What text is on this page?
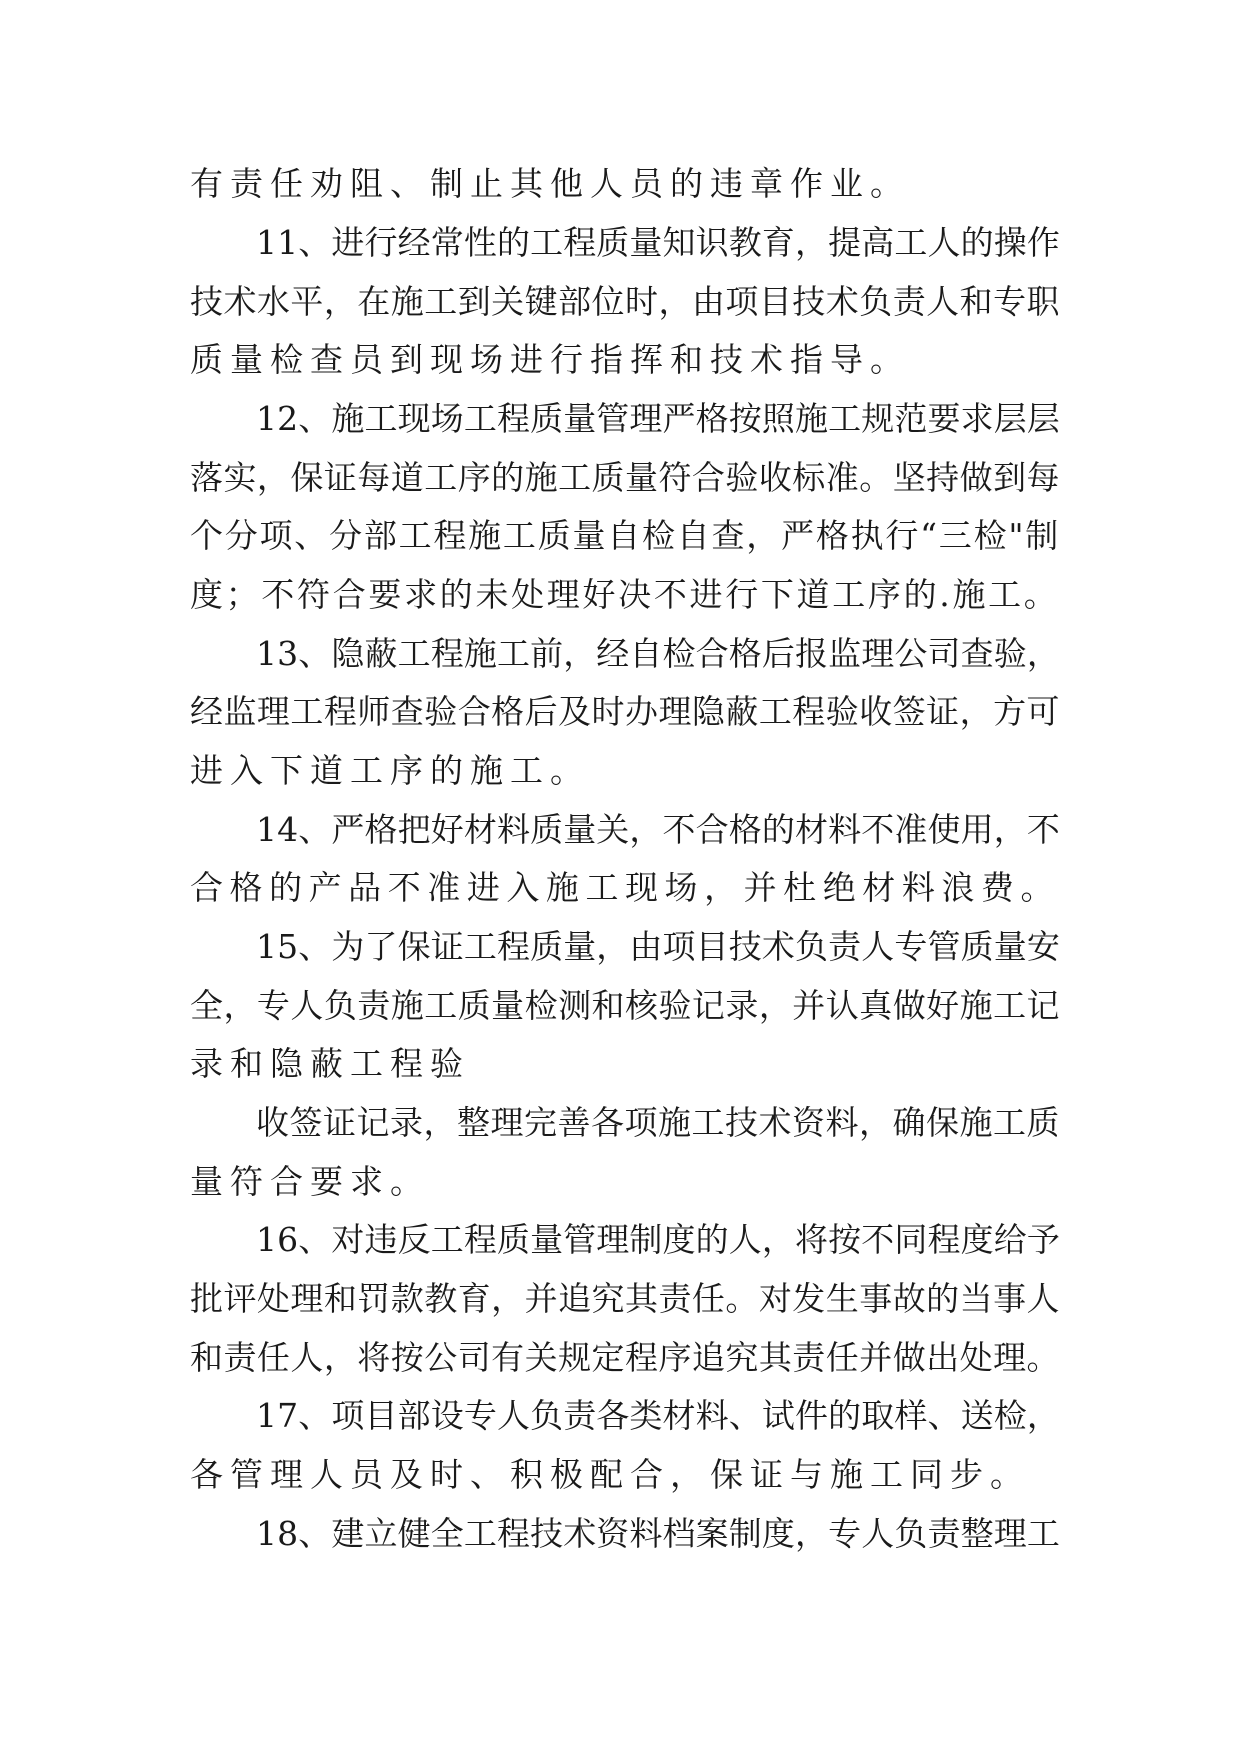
有责任劝阻、制止其他人员的违章作业。
11、进行经常性的工程质量知识教育，提高工人的操作
技术水平，在施工到关键部位时，由项目技术负责人和专职
质量检查员到现场进行指挥和技术指导。
12、施工现场工程质量管理严格按照施工规范要求层层
落实，保证每道工序的施工质量符合验收标准。坚持做到每
个分项、分部工程施工质量自检自查，严格执行“三检"制
度；不符合要求的未处理好决不进行下道工序的.施工。
13、隐蔽工程施工前，经自检合格后报监理公司查验，
经监理工程师查验合格后及时办理隐蔽工程验收签证，方可
进入下道工序的施工。
14、严格把好材料质量关，不合格的材料不准使用，不
合格的产品不准进入施工现场，并杜绝材料浪费。
15、为了保证工程质量，由项目技术负责人专管质量安
全，专人负责施工质量检测和核验记录，并认真做好施工记
录和隐蔽工程验
收签证记录，整理完善各项施工技术资料，确保施工质
量符合要求。
16、对违反工程质量管理制度的人，将按不同程度给予
批评处理和罚款教育，并追究其责任。对发生事故的当事人
和责任人，将按公司有关规定程序追究其责任并做出处理。
17、项目部设专人负责各类材料、试件的取样、送检，
各管理人员及时、积极配合，保证与施工同步。
18、建立健全工程技术资料档案制度，专人负责整理工
